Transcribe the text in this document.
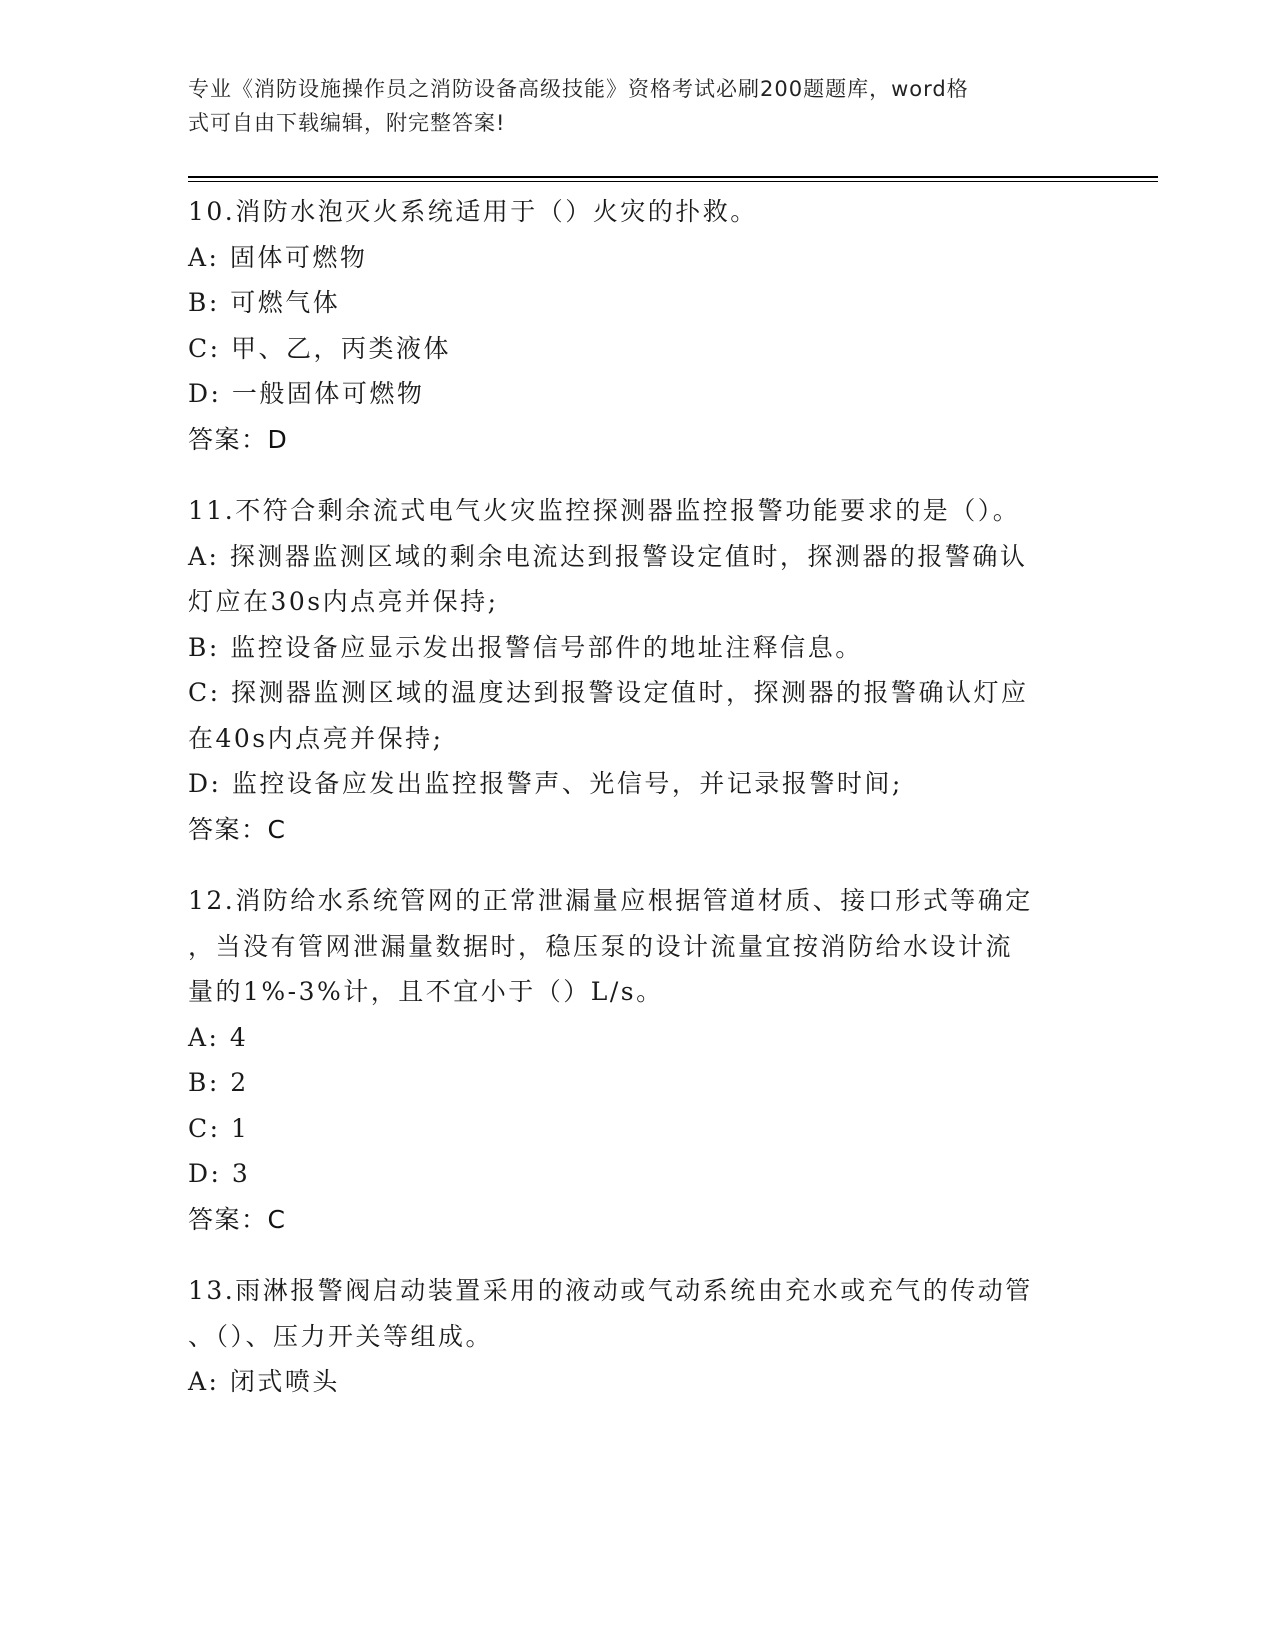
专业《消防设施操作员之消防设备高级技能》资格考试必刷200题题库，word格
式可自由下载编辑，附完整答案!
10.消防水泡灭火系统适用于（）火灾的扑救。
A: 固体可燃物
B: 可燃气体
C: 甲、乙，丙类液体
D: 一般固体可燃物
答案：D
11.不符合剩余流式电气火灾监控探测器监控报警功能要求的是（）。
A: 探测器监测区域的剩余电流达到报警设定值时，探测器的报警确认
灯应在30s内点亮并保持;
B: 监控设备应显示发出报警信号部件的地址注释信息。
C: 探测器监测区域的温度达到报警设定值时，探测器的报警确认灯应
在40s内点亮并保持;
D: 监控设备应发出监控报警声、光信号，并记录报警时间;
答案：C
12.消防给水系统管网的正常泄漏量应根据管道材质、接口形式等确定
，当没有管网泄漏量数据时，稳压泵的设计流量宜按消防给水设计流
量的1%-3%计，且不宜小于（）L/s。
A: 4
B: 2
C: 1
D: 3
答案：C
13.雨淋报警阀启动装置采用的液动或气动系统由充水或充气的传动管
、（）、压力开关等组成。
A: 闭式喷头
